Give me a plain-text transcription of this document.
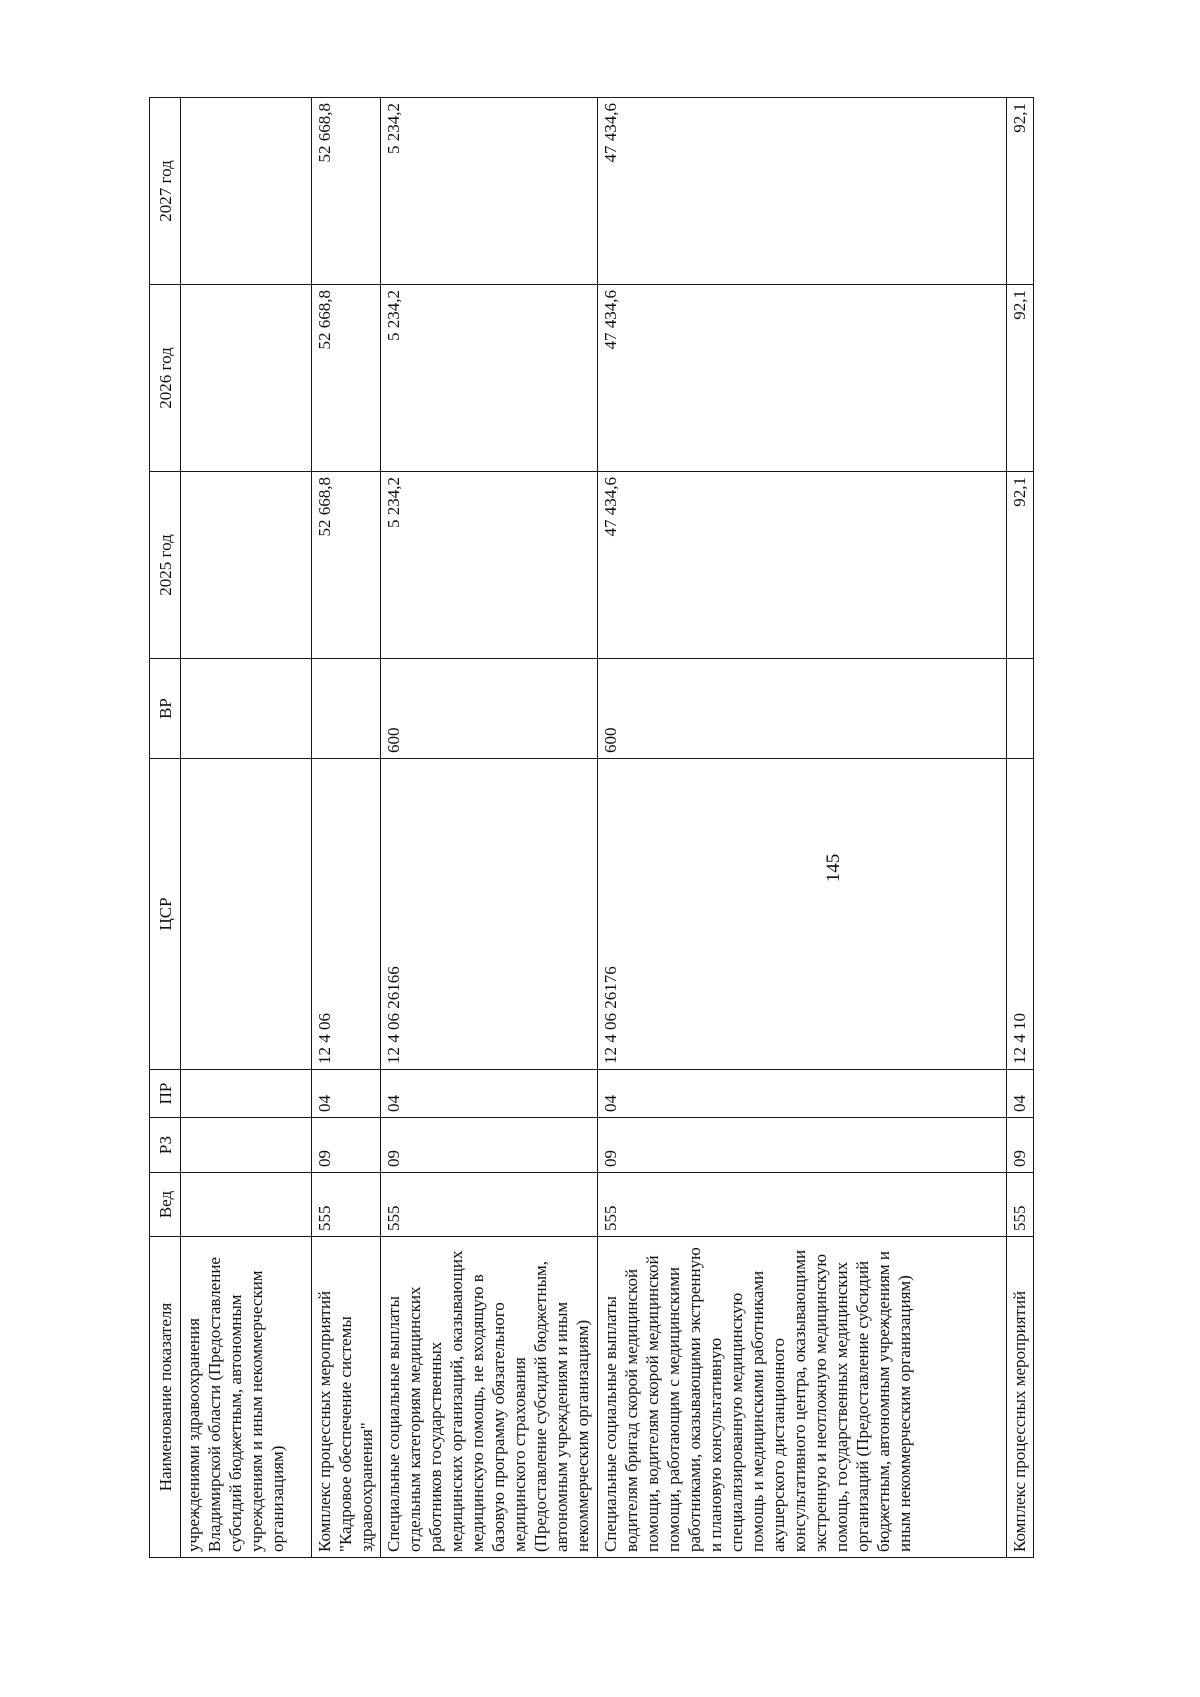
145
Наименование показателя	Вед	РЗ	ПР	ЦСР	ВР	2025 год	2026 год	2027 год
учреждениями здравоохранения Владимирской области (Предоставление субсидий бюджетным, автономным учреждениям и иным некоммерческим организациям)								
Комплекс процессных мероприятий "Кадровое обеспечение системы здравоохранения"	555	09	04	12 4 06		52 668,8	52 668,8	52 668,8
Специальные социальные выплаты отдельным категориям медицинских работников государственных медицинских организаций, оказывающих медицинскую помощь, не входящую в базовую программу обязательного медицинского страхования (Предоставление субсидий бюджетным, автономным учреждениям и иным некоммерческим организациям)	555	09	04	12 4 06 26166	600	5 234,2	5 234,2	5 234,2
Специальные социальные выплаты водителям бригад скорой медицинской помощи, водителям скорой медицинской помощи, работающим с медицинскими работниками, оказывающими экстренную и плановую консультативную специализированную медицинскую помощь и медицинскими работниками акушерского дистанционного консультативного центра, оказывающими экстренную и неотложную медицинскую помощь, государственных медицинских организаций (Предоставление субсидий бюджетным, автономным учреждениям и иным некоммерческим организациям)	555	09	04	12 4 06 26176	600	47 434,6	47 434,6	47 434,6
Комплекс процессных мероприятий	555	09	04	12 4 10		92,1	92,1	92,1
